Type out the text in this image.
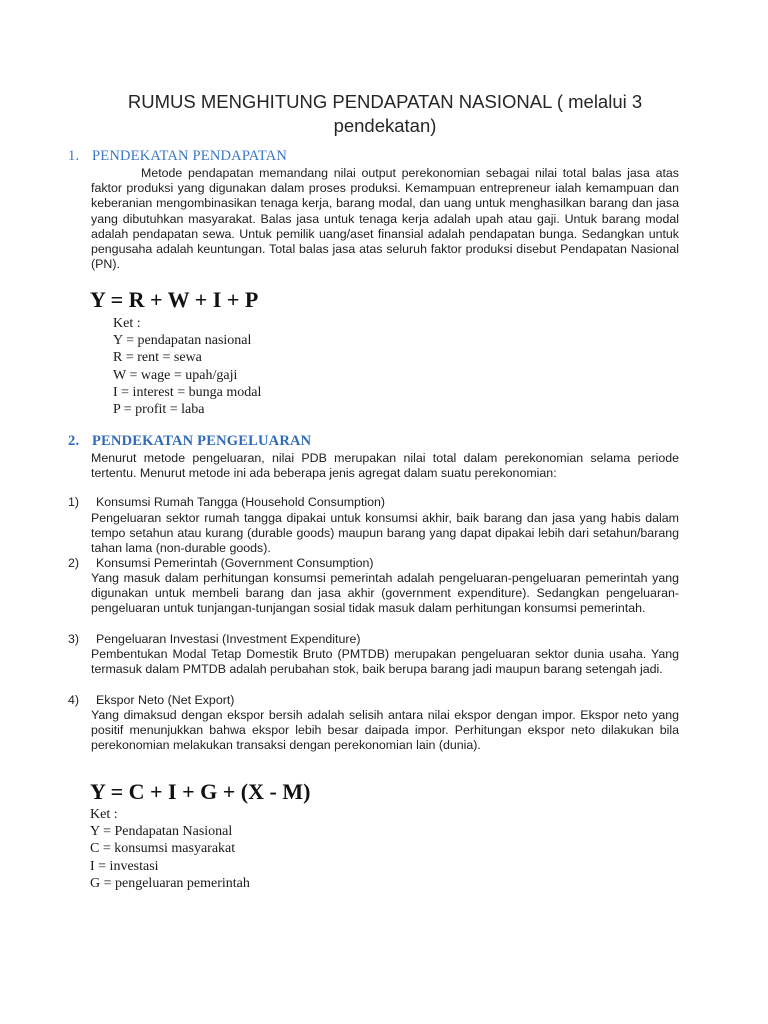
RUMUS MENGHITUNG PENDAPATAN NASIONAL ( melalui 3
pendekatan)
1. PENDEKATAN PENDAPATAN
Metode pendapatan memandang nilai output perekonomian sebagai nilai total balas jasa atas faktor produksi yang digunakan dalam proses produksi. Kemampuan entrepreneur ialah kemampuan dan keberanian mengombinasikan tenaga kerja, barang modal, dan uang untuk menghasilkan barang dan jasa yang dibutuhkan masyarakat. Balas jasa untuk tenaga kerja adalah upah atau gaji. Untuk barang modal adalah pendapatan sewa. Untuk pemilik uang/aset finansial adalah pendapatan bunga. Sedangkan untuk pengusaha adalah keuntungan. Total balas jasa atas seluruh faktor produksi disebut Pendapatan Nasional (PN).
Y = R + W + I + P
Ket :
Y = pendapatan nasional
R = rent = sewa
W = wage = upah/gaji
I = interest = bunga modal
P = profit = laba
2. PENDEKATAN PENGELUARAN
Menurut metode pengeluaran, nilai PDB merupakan nilai total dalam perekonomian selama periode tertentu. Menurut metode ini ada beberapa jenis agregat dalam suatu perekonomian:
1) Konsumsi Rumah Tangga (Household Consumption)
Pengeluaran sektor rumah tangga dipakai untuk konsumsi akhir, baik barang dan jasa yang habis dalam tempo setahun atau kurang (durable goods) maupun barang yang dapat dipakai lebih dari setahun/barang tahan lama (non-durable goods).
2) Konsumsi Pemerintah (Government Consumption)
Yang masuk dalam perhitungan konsumsi pemerintah adalah pengeluaran-pengeluaran pemerintah yang digunakan untuk membeli barang dan jasa akhir (government expenditure). Sedangkan pengeluaran-pengeluaran untuk tunjangan-tunjangan sosial tidak masuk dalam perhitungan konsumsi pemerintah.
3) Pengeluaran Investasi (Investment Expenditure)
Pembentukan Modal Tetap Domestik Bruto (PMTDB) merupakan pengeluaran sektor dunia usaha. Yang termasuk dalam PMTDB adalah perubahan stok, baik berupa barang jadi maupun barang setengah jadi.
4) Ekspor Neto (Net Export)
Yang dimaksud dengan ekspor bersih adalah selisih antara nilai ekspor dengan impor. Ekspor neto yang positif menunjukkan bahwa ekspor lebih besar daipada impor. Perhitungan ekspor neto dilakukan bila perekonomian melakukan transaksi dengan perekonomian lain (dunia).
Y = C + I + G + (X - M)
Ket :
Y = Pendapatan Nasional
C = konsumsi masyarakat
I = investasi
G = pengeluaran pemerintah
